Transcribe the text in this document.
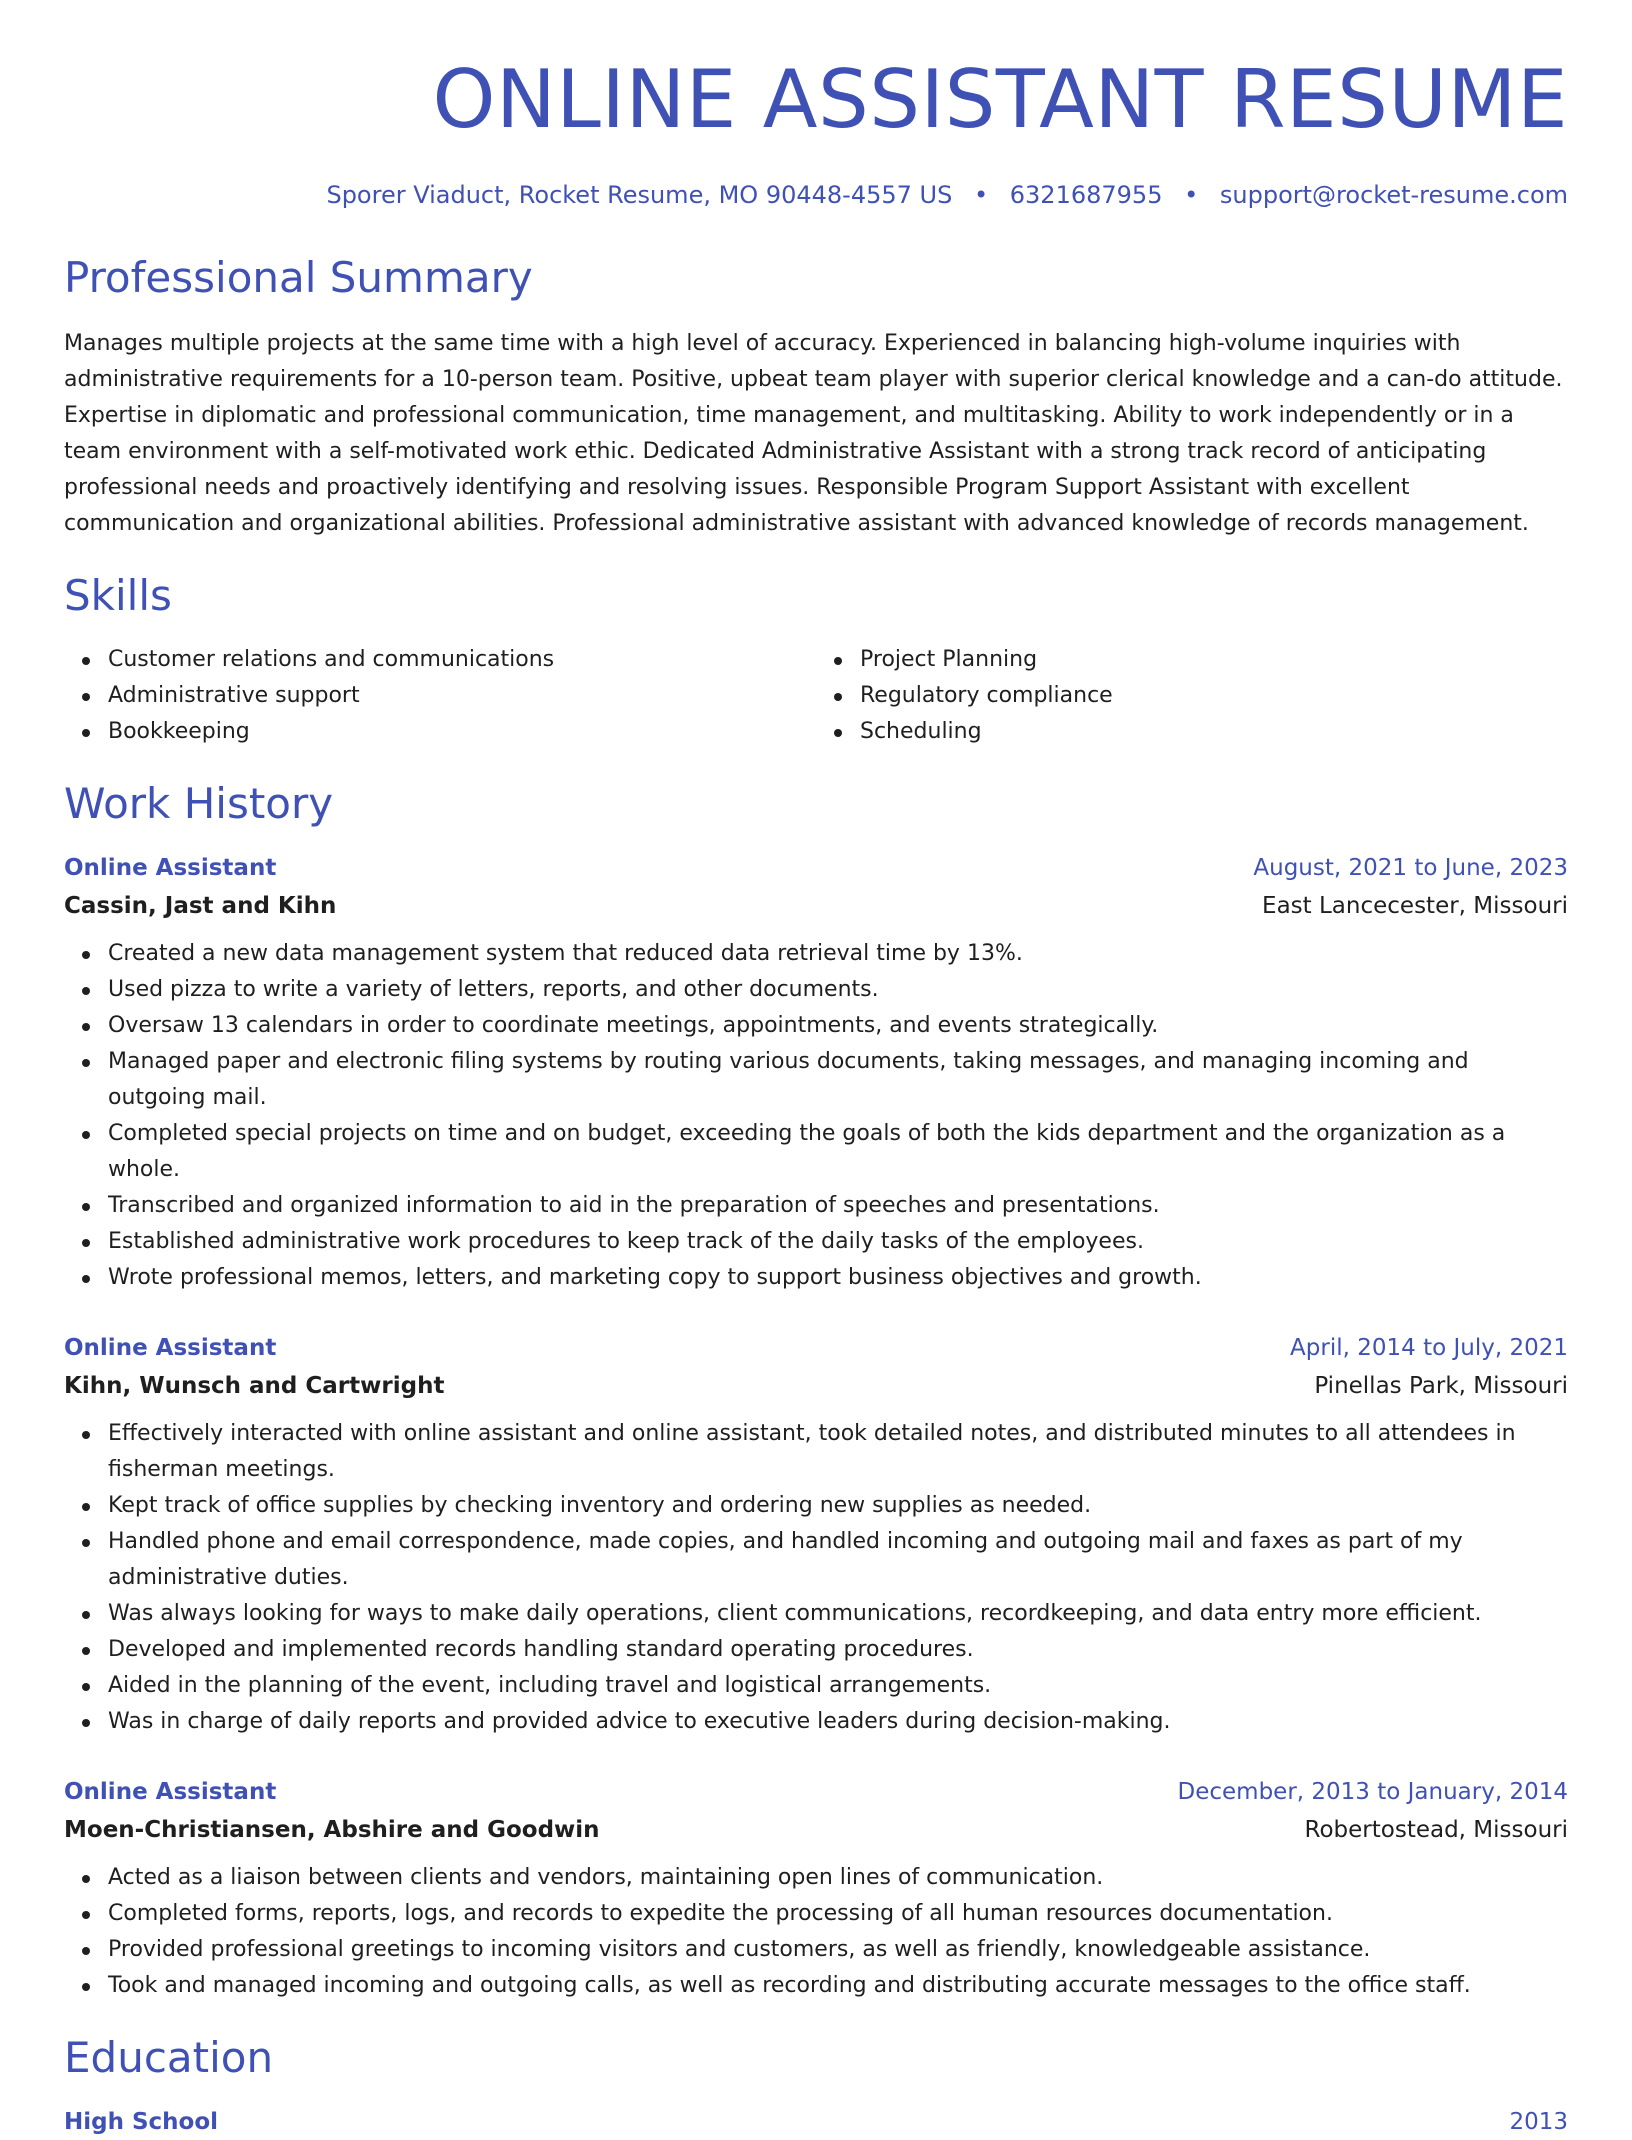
ONLINE ASSISTANT RESUME
Sporer Viaduct, Rocket Resume, MO 90448-4557 US • 6321687955 • support@rocket-resume.com
Professional Summary

Manages multiple projects at the same time with a high level of accuracy. Experienced in balancing high-volume inquiries with administrative requirements for a 10-person team. Positive, upbeat team player with superior clerical knowledge and a can-do attitude. Expertise in diplomatic and professional communication, time management, and multitasking. Ability to work independently or in a team environment with a self-motivated work ethic. Dedicated Administrative Assistant with a strong track record of anticipating professional needs and proactively identifying and resolving issues. Responsible Program Support Assistant with excellent communication and organizational abilities. Professional administrative assistant with advanced knowledge of records management.

Skills
Customer relations and communications
Administrative support
Bookkeeping
Project Planning
Regulatory compliance
Scheduling
Work History
Online Assistant	August, 2021 to June, 2023
Cassin, Jast and Kihn	East Lancecester, Missouri
Created a new data management system that reduced data retrieval time by 13%.
Used pizza to write a variety of letters, reports, and other documents.
Oversaw 13 calendars in order to coordinate meetings, appointments, and events strategically.
Managed paper and electronic filing systems by routing various documents, taking messages, and managing incoming and outgoing mail.
Completed special projects on time and on budget, exceeding the goals of both the kids department and the organization as a whole.
Transcribed and organized information to aid in the preparation of speeches and presentations.
Established administrative work procedures to keep track of the daily tasks of the employees.
Wrote professional memos, letters, and marketing copy to support business objectives and growth.
Online Assistant	April, 2014 to July, 2021
Kihn, Wunsch and Cartwright	Pinellas Park, Missouri
Effectively interacted with online assistant and online assistant, took detailed notes, and distributed minutes to all attendees in fisherman meetings.
Kept track of office supplies by checking inventory and ordering new supplies as needed.
Handled phone and email correspondence, made copies, and handled incoming and outgoing mail and faxes as part of my administrative duties.
Was always looking for ways to make daily operations, client communications, recordkeeping, and data entry more efficient.
Developed and implemented records handling standard operating procedures.
Aided in the planning of the event, including travel and logistical arrangements.
Was in charge of daily reports and provided advice to executive leaders during decision-making.
Online Assistant	December, 2013 to January, 2014
Moen-Christiansen, Abshire and Goodwin	Robertostead, Missouri
Acted as a liaison between clients and vendors, maintaining open lines of communication.
Completed forms, reports, logs, and records to expedite the processing of all human resources documentation.
Provided professional greetings to incoming visitors and customers, as well as friendly, knowledgeable assistance.
Took and managed incoming and outgoing calls, as well as recording and distributing accurate messages to the office staff.
Education
High School	2013
